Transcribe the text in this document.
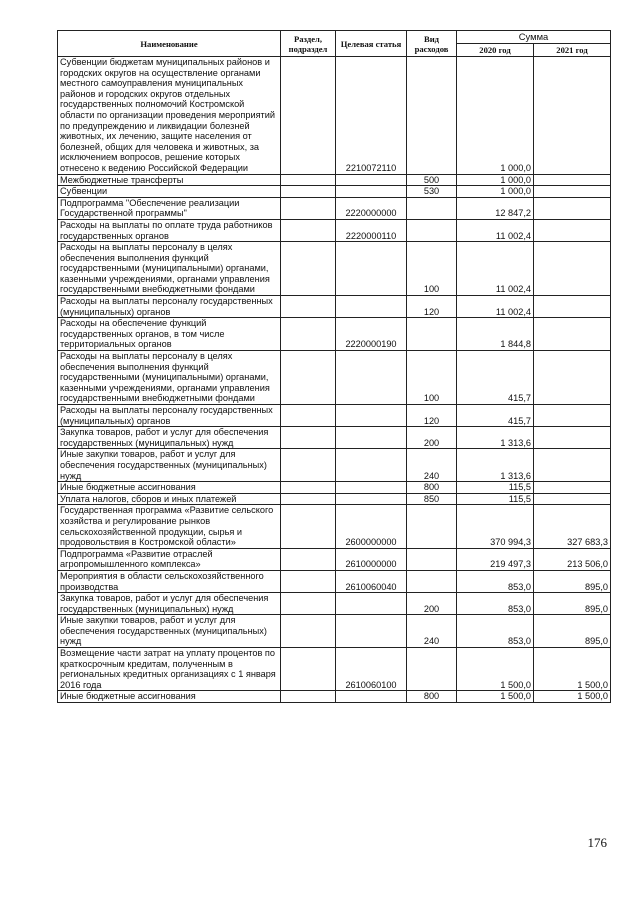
Наименование	Раздел, подраздел	Целевая статья	Вид расходов	Сумма	
				2020 год	2021 год
Субвенции бюджетам муниципальных районов и городских округов на осуществление органами местного самоуправления муниципальных районов и городских округов отдельных государственных полномочий Костромской области по организации проведения мероприятий по предупреждению и ликвидации болезней животных, их лечению, защите населения от болезней, общих для человека и животных, за исключением вопросов, решение которых отнесено к ведению Российской Федерации		2210072110		1 000,0	
Межбюджетные трансферты			500	1 000,0	
Субвенции			530	1 000,0	
Подпрограмма "Обеспечение реализации Государственной программы"		2220000000		12 847,2	
Расходы на выплаты по оплате труда работников государственных органов		2220000110		11 002,4	
Расходы на выплаты персоналу в целях обеспечения выполнения функций государственными (муниципальными) органами, казенными учреждениями, органами управления государственными внебюджетными фондами			100	11 002,4	
Расходы на выплаты персоналу государственных (муниципальных) органов			120	11 002,4	
Расходы на обеспечение функций государственных органов, в том числе территориальных органов		2220000190		1 844,8	
Расходы на выплаты персоналу в целях обеспечения выполнения функций государственными (муниципальными) органами, казенными учреждениями, органами управления государственными внебюджетными фондами			100	415,7	
Расходы на выплаты персоналу государственных (муниципальных) органов			120	415,7	
Закупка товаров, работ и услуг для обеспечения государственных (муниципальных) нужд			200	1 313,6	
Иные закупки товаров, работ и услуг для обеспечения государственных (муниципальных) нужд			240	1 313,6	
Иные бюджетные ассигнования			800	115,5	
Уплата налогов, сборов и иных платежей			850	115,5	
Государственная программа «Развитие сельского хозяйства и регулирование рынков сельскохозяйственной продукции, сырья и продовольствия в Костромской области»		2600000000		370 994,3	327 683,3
Подпрограмма «Развитие отраслей агропромышленного комплекса»		2610000000		219 497,3	213 506,0
Мероприятия в области сельскохозяйственного производства		2610060040		853,0	895,0
Закупка товаров, работ и услуг для обеспечения государственных (муниципальных) нужд			200	853,0	895,0
Иные закупки товаров, работ и услуг для обеспечения государственных (муниципальных) нужд			240	853,0	895,0
Возмещение части затрат на уплату процентов по краткосрочным кредитам, полученным в региональных кредитных организациях с 1 января 2016 года		2610060100		1 500,0	1 500,0
Иные бюджетные ассигнования			800	1 500,0	1 500,0
176
